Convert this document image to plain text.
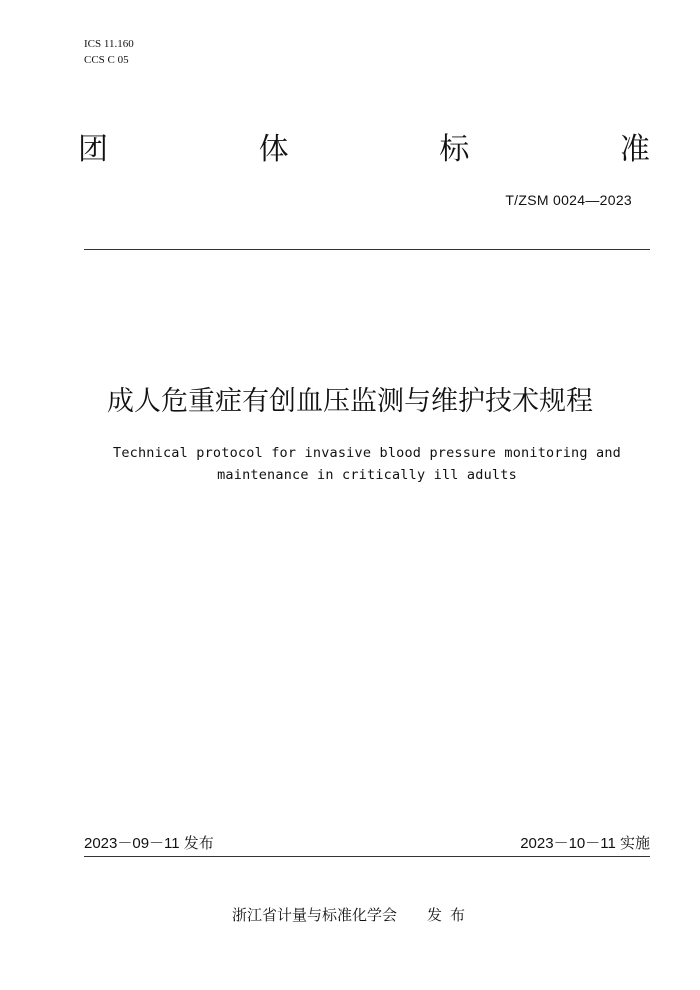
ICS 11.160
CCS C 05
团	体	标	准
T/ZSM 0024—2023
成人危重症有创血压监测与维护技术规程
Technical protocol for invasive blood pressure monitoring and
maintenance in critically ill adults
2023－09－11 发布	2023－10－11 实施
浙江省计量与标准化学会 发布
